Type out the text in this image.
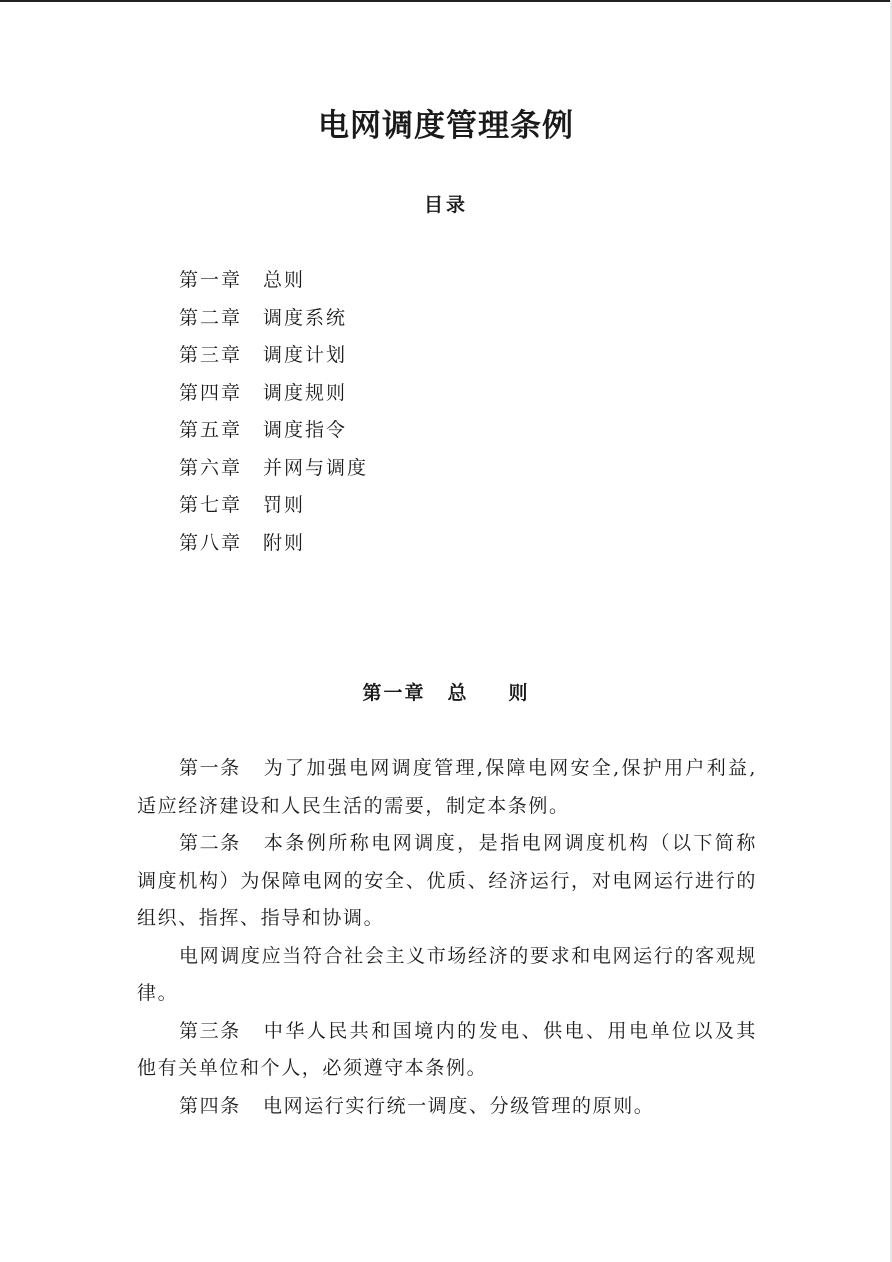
电网调度管理条例
目录
第一章 总则
第二章 调度系统
第三章 调度计划
第四章 调度规则
第五章 调度指令
第六章 并网与调度
第七章 罚则
第八章 附则
第一章 总 则

第一条 为了加强电网调度管理,保障电网安全,保护用户利益,适应经济建设和人民生活的需要，制定本条例。

第二条 本条例所称电网调度，是指电网调度机构（以下简称调度机构）为保障电网的安全、优质、经济运行，对电网运行进行的组织、指挥、指导和协调。

电网调度应当符合社会主义市场经济的要求和电网运行的客观规律。

第三条 中华人民共和国境内的发电、供电、用电单位以及其他有关单位和个人，必须遵守本条例。

第四条 电网运行实行统一调度、分级管理的原则。
